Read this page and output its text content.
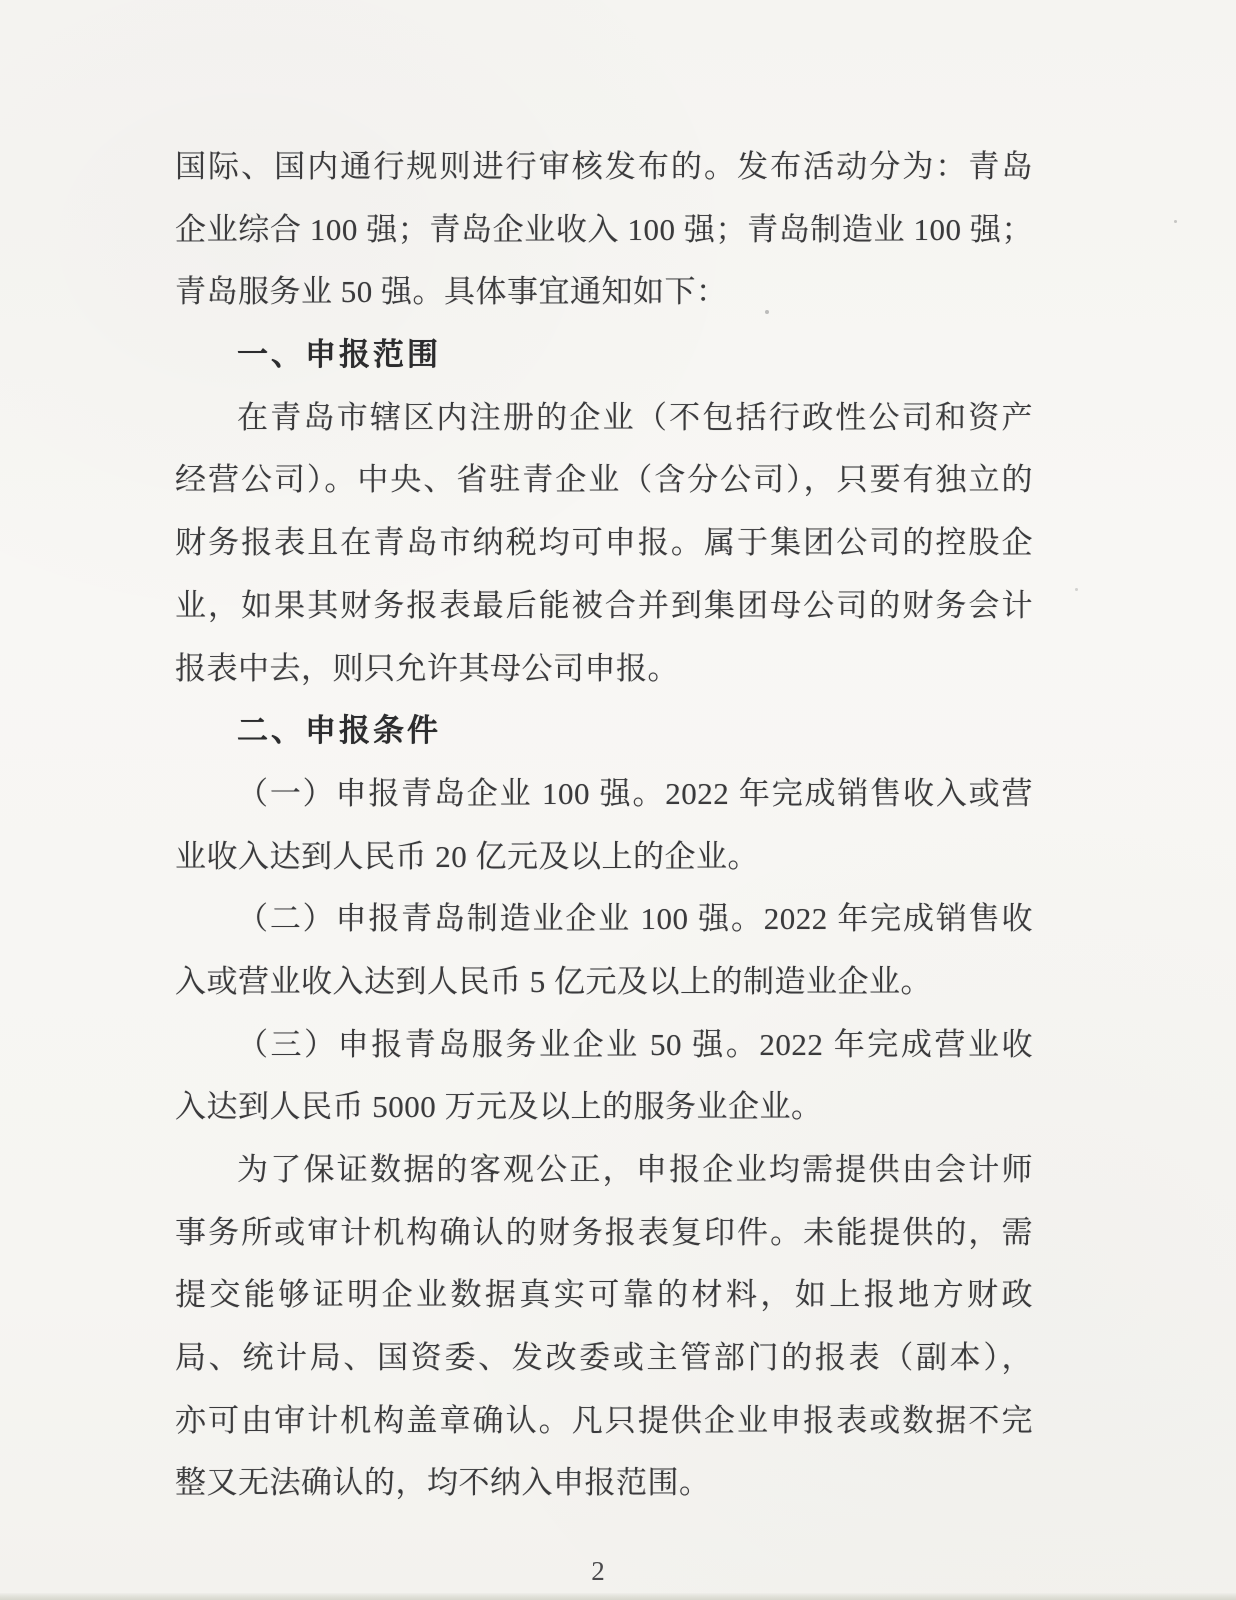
国际、国内通行规则进行审核发布的。发布活动分为：青岛
企业综合 100 强；青岛企业收入 100 强；青岛制造业 100 强；
青岛服务业 50 强。具体事宜通知如下：
一、申报范围
在青岛市辖区内注册的企业（不包括行政性公司和资产
经营公司）。中央、省驻青企业（含分公司），只要有独立的
财务报表且在青岛市纳税均可申报。属于集团公司的控股企
业，如果其财务报表最后能被合并到集团母公司的财务会计
报表中去，则只允许其母公司申报。
二、申报条件
（一）申报青岛企业 100 强。2022 年完成销售收入或营
业收入达到人民币 20 亿元及以上的企业。
（二）申报青岛制造业企业 100 强。2022 年完成销售收
入或营业收入达到人民币 5 亿元及以上的制造业企业。
（三）申报青岛服务业企业 50 强。2022 年完成营业收
入达到人民币 5000 万元及以上的服务业企业。
为了保证数据的客观公正，申报企业均需提供由会计师
事务所或审计机构确认的财务报表复印件。未能提供的，需
提交能够证明企业数据真实可靠的材料，如上报地方财政
局、统计局、国资委、发改委或主管部门的报表（副本），
亦可由审计机构盖章确认。凡只提供企业申报表或数据不完
整又无法确认的，均不纳入申报范围。
2
